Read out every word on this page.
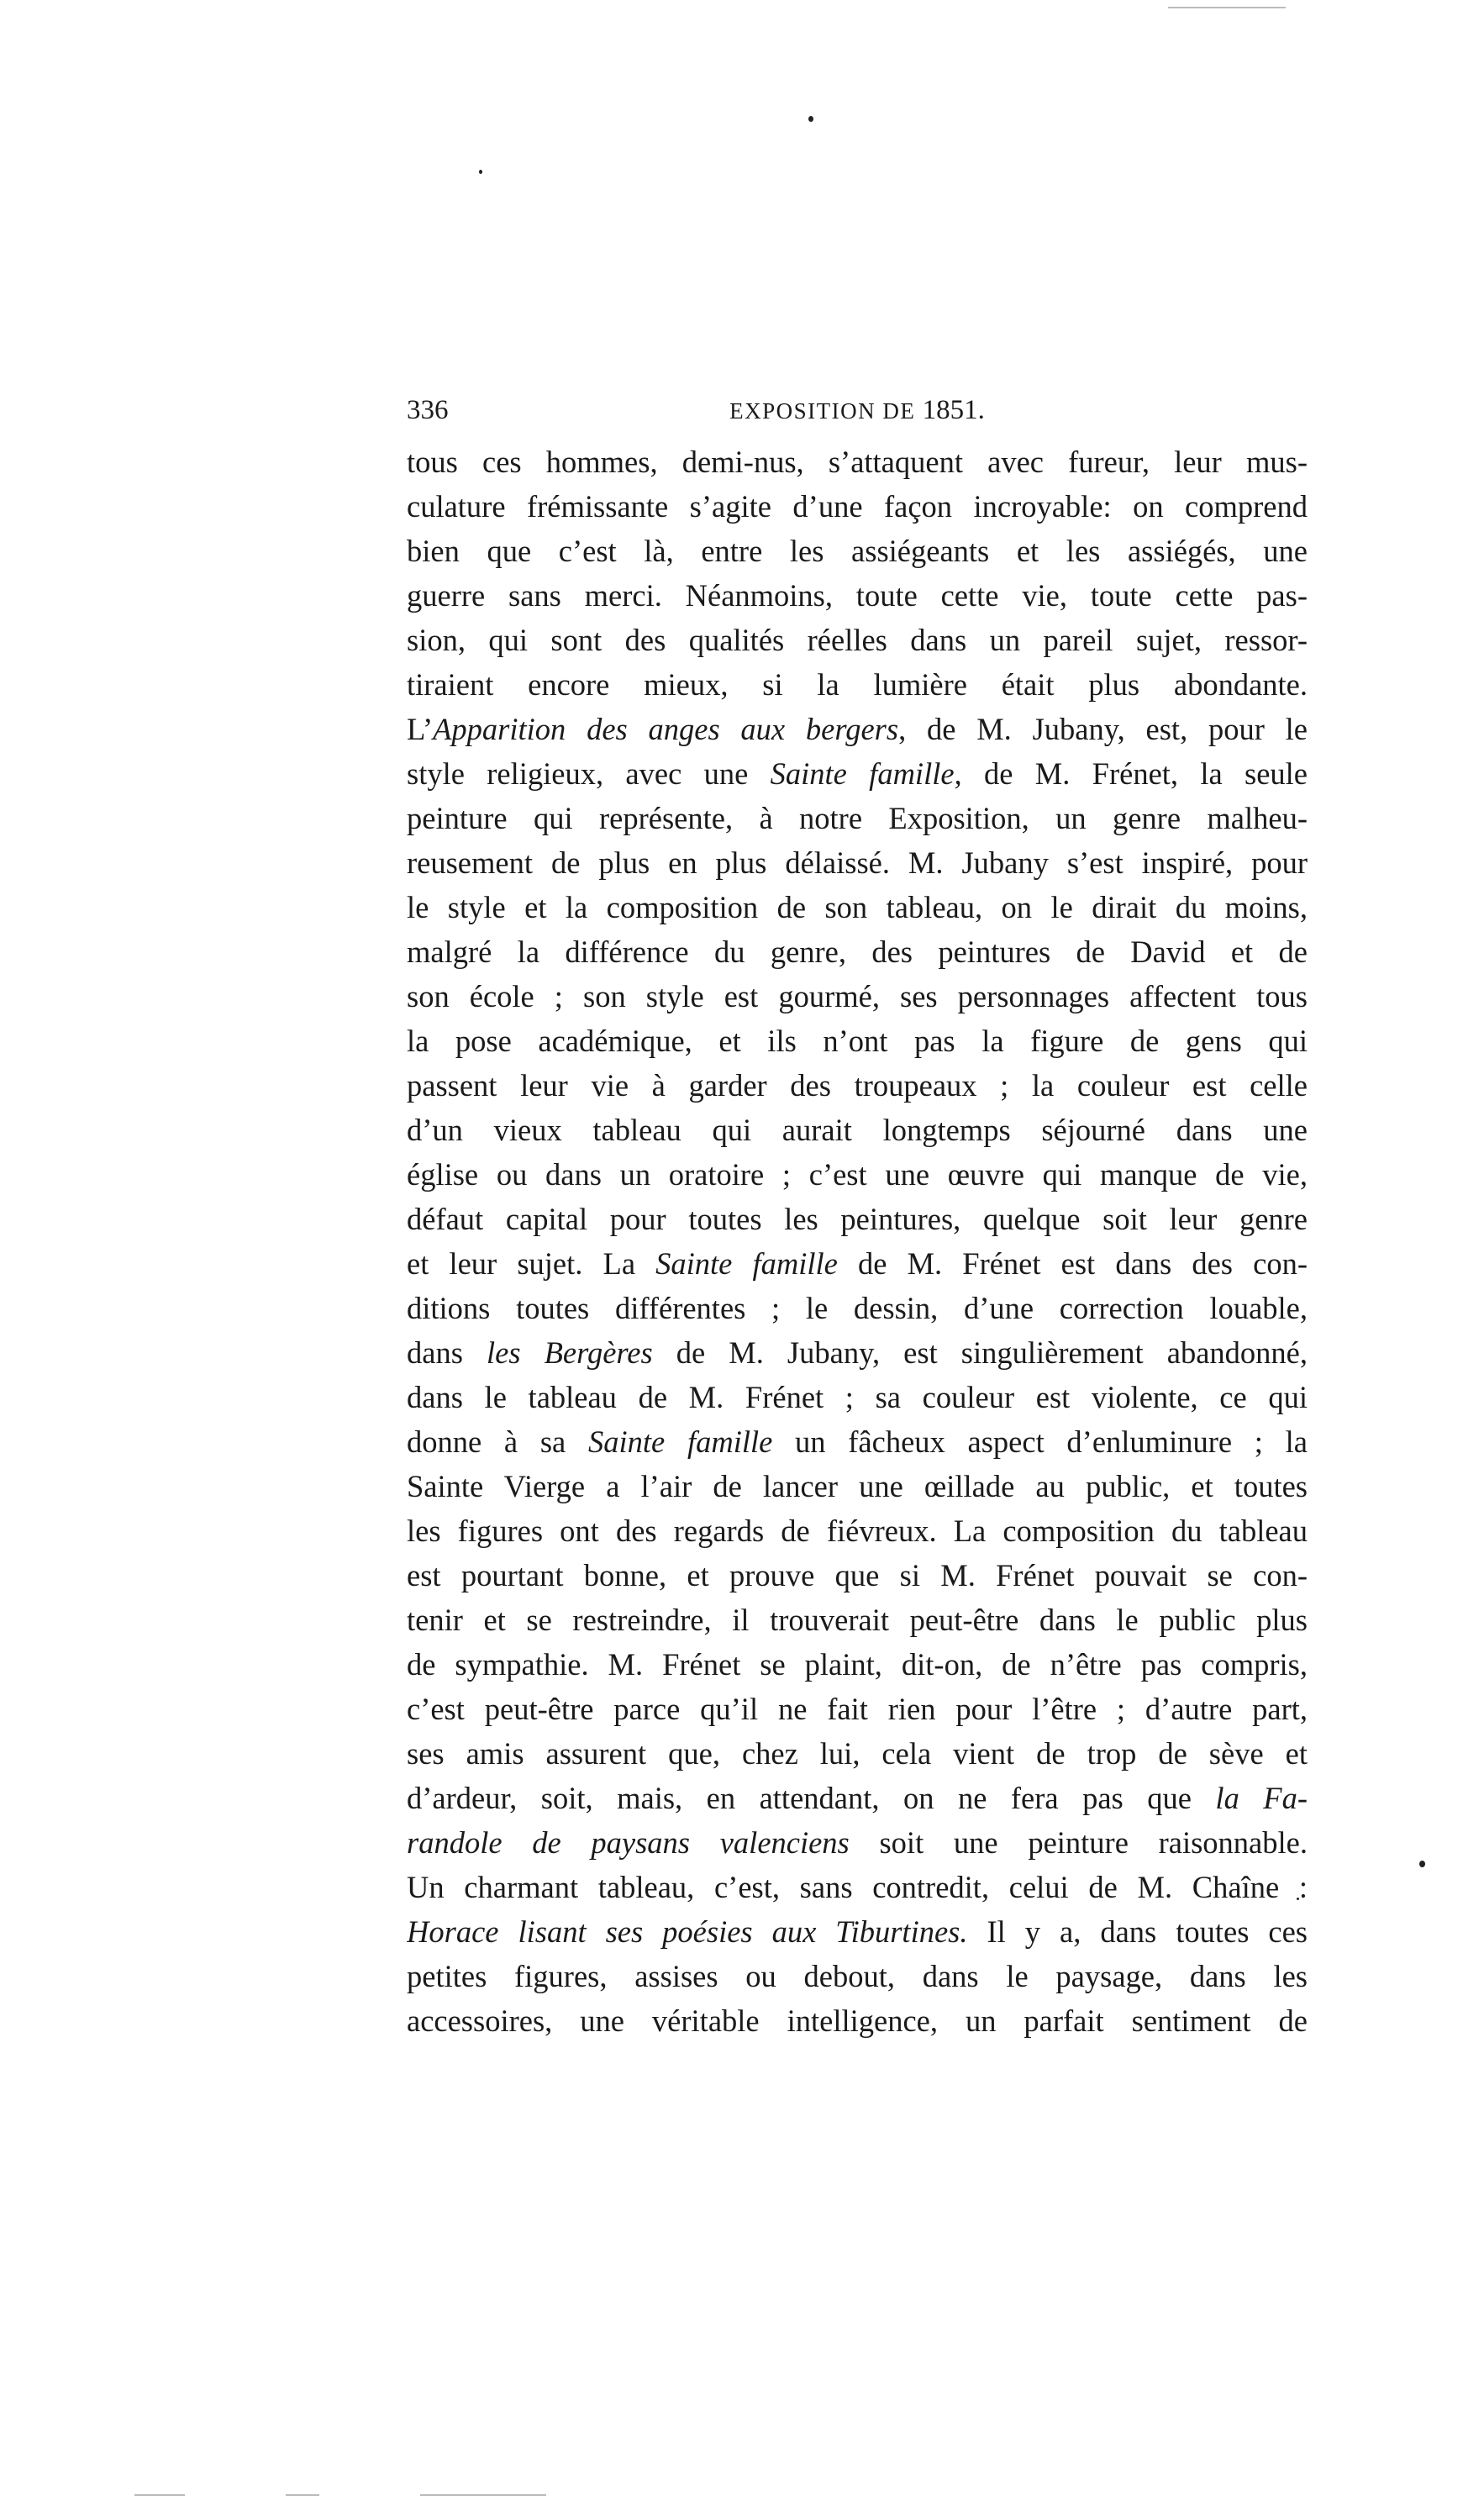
336	EXPOSITION DE 1851.
tous ces hommes, demi-nus, s’attaquent avec fureur, leur mus-
culature frémissante s’agite d’une façon incroyable: on comprend
bien que c’est là, entre les assiégeants et les assiégés, une
guerre sans merci. Néanmoins, toute cette vie, toute cette pas-
sion, qui sont des qualités réelles dans un pareil sujet, ressor-
tiraient encore mieux, si la lumière était plus abondante.
L’Apparition des anges aux bergers, de M. Jubany, est, pour le
style religieux, avec une Sainte famille, de M. Frénet, la seule
peinture qui représente, à notre Exposition, un genre malheu-
reusement de plus en plus délaissé. M. Jubany s’est inspiré, pour
le style et la composition de son tableau, on le dirait du moins,
malgré la différence du genre, des peintures de David et de
son école ; son style est gourmé, ses personnages affectent tous
la pose académique, et ils n’ont pas la figure de gens qui
passent leur vie à garder des troupeaux ; la couleur est celle
d’un vieux tableau qui aurait longtemps séjourné dans une
église ou dans un oratoire ; c’est une œuvre qui manque de vie,
défaut capital pour toutes les peintures, quelque soit leur genre
et leur sujet. La Sainte famille de M. Frénet est dans des con-
ditions toutes différentes ; le dessin, d’une correction louable,
dans les Bergères de M. Jubany, est singulièrement abandonné,
dans le tableau de M. Frénet ; sa couleur est violente, ce qui
donne à sa Sainte famille un fâcheux aspect d’enluminure ; la
Sainte Vierge a l’air de lancer une œillade au public, et toutes
les figures ont des regards de fiévreux. La composition du tableau
est pourtant bonne, et prouve que si M. Frénet pouvait se con-
tenir et se restreindre, il trouverait peut-être dans le public plus
de sympathie. M. Frénet se plaint, dit-on, de n’être pas compris,
c’est peut-être parce qu’il ne fait rien pour l’être ; d’autre part,
ses amis assurent que, chez lui, cela vient de trop de sève et
d’ardeur, soit, mais, en attendant, on ne fera pas que la Fa-
randole de paysans valenciens soit une peinture raisonnable.
Un charmant tableau, c’est, sans contredit, celui de M. Chaîne :
Horace lisant ses poésies aux Tiburtines. Il y a, dans toutes ces
petites figures, assises ou debout, dans le paysage, dans les
accessoires, une véritable intelligence, un parfait sentiment de
